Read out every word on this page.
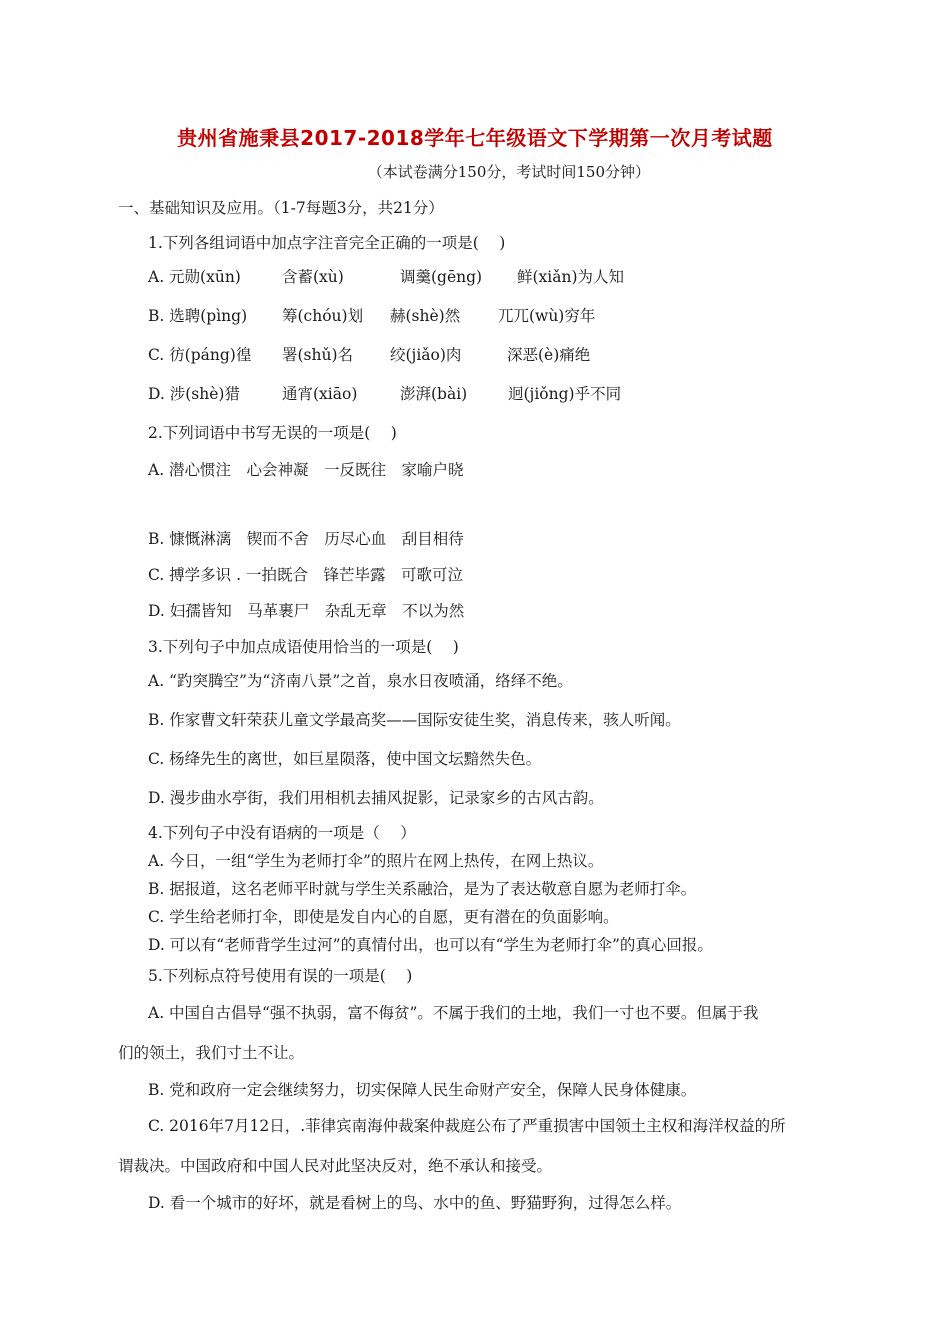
贵州省施秉县2017-2018学年七年级语文下学期第一次月考试题
（本试卷满分150分，考试时间150分钟）
一、基础知识及应用。（1-7每题3分，共21分）
1.下列各组词语中加点字注音完全正确的一项是(　 )
A. 元勋(xūn)	含蓄(xù)	调羹(gēng) 鲜(xiǎn)为人知
B. 选聘(pìng) 筹(chóu)划 赫(shè)然 兀兀(wù)穷年
C. 彷(páng)徨 署(shǔ)名 绞(jiǎo)肉	深恶(è)痛绝
D. 涉(shè)猎	通宵(xiāo)	澎湃(bài)	迥(jiǒng)乎不同
2.下列词语中书写无误的一项是(　 )
A. 潜心惯注　心会神凝　一反既往　家喻户晓
B. 慷慨淋漓　锲而不舍　历尽心血　刮目相待
C. 搏学多识 . 一拍既合　锋芒毕露　可歌可泣
D. 妇孺皆知　马革裹尸　杂乱无章　不以为然
3.下列句子中加点成语使用恰当的一项是(　 )
A. “趵突腾空”为“济南八景”之首，泉水日夜喷涌，络绎不绝。
B. 作家曹文轩荣获儿童文学最高奖——国际安徒生奖，消息传来，骇人听闻。
C. 杨绛先生的离世，如巨星陨落，使中国文坛黯然失色。
D. 漫步曲水亭街，我们用相机去捕风捉影，记录家乡的古风古韵。
4.下列句子中没有语病的一项是（　 ）
A. 今日，一组“学生为老师打伞”的照片在网上热传，在网上热议。
B. 据报道，这名老师平时就与学生关系融洽，是为了表达敬意自愿为老师打伞。
C. 学生给老师打伞，即使是发自内心的自愿，更有潜在的负面影响。
D. 可以有“老师背学生过河”的真情付出，也可以有“学生为老师打伞”的真心回报。
5.下列标点符号使用有误的一项是(　 )
A. 中国自古倡导“强不执弱，富不侮贫”。不属于我们的土地，我们一寸也不要。但属于我
们的领土，我们寸土不让。
B. 党和政府一定会继续努力，切实保障人民生命财产安全，保障人民身体健康。
C. 2016年7月12日，.菲律宾南海仲裁案仲裁庭公布了严重损害中国领土主权和海洋权益的所
谓裁决。中国政府和中国人民对此坚决反对，绝不承认和接受。
D. 看一个城市的好坏，就是看树上的鸟、水中的鱼、野猫野狗，过得怎么样。
